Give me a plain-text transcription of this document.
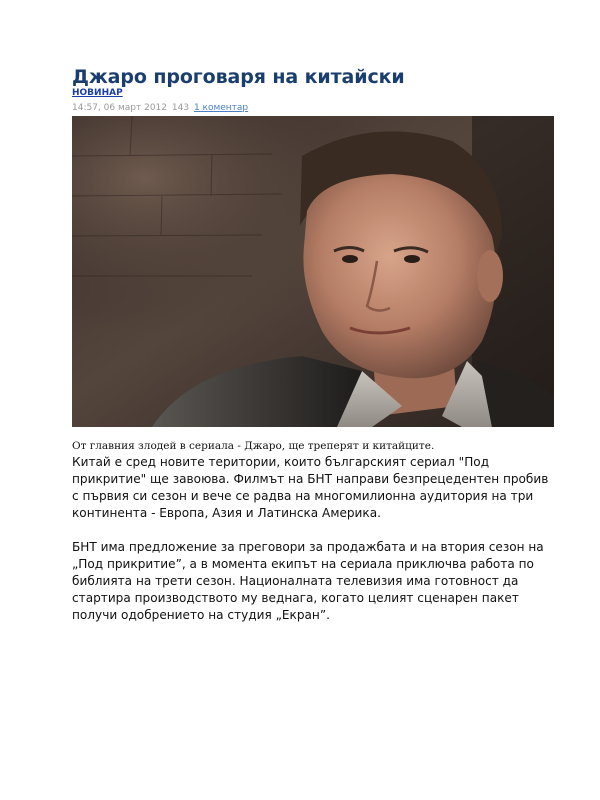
Джаро проговаря на китайски
НОВИНАР
14:57, 06 март 2012 143 1 коментар
От главния злодей в сериала - Джаро, ще треперят и китайците.

Китай е сред новите територии, които българският сериал "Под прикритие" ще завоюва. Филмът на БНТ направи безпрецедентен пробив с първия си сезон и вече се радва на многомилионна аудитория на три континента - Европа, Азия и Латинска Америка.

БНТ има предложение за преговори за продажбата и на втория сезон на „Под прикритие”, а в момента екипът на сериала приключва работа по библията на трети сезон. Националната телевизия има готовност да стартира производството му веднага, когато целият сценарен пакет получи одобрението на студия „Екран”.
